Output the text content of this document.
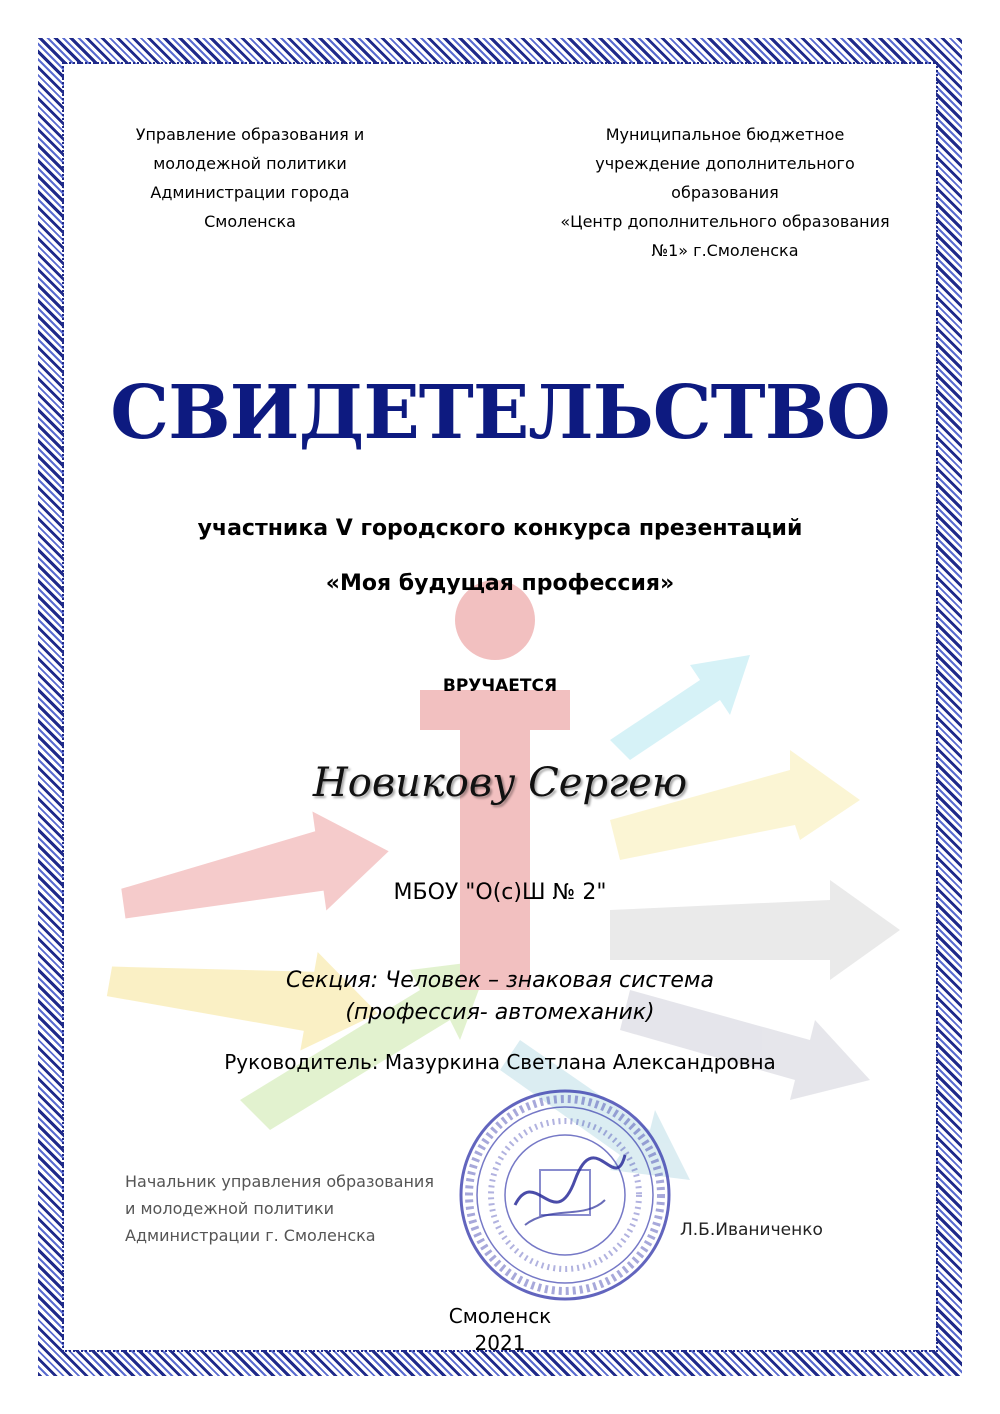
Управление образования и
молодежной политики
Администрации города
Смоленска
Муниципальное бюджетное
учреждение дополнительного
образования
«Центр дополнительного образования
№1» г.Смоленска
СВИДЕТЕЛЬСТВО
участника V городского конкурса презентаций
«Моя будущая профессия»
ВРУЧАЕТСЯ
Новикову Сергею
МБОУ "О(с)Ш № 2"
Секция: Человек – знаковая система
(профессия- автомеханик)
Руководитель: Мазуркина Светлана Александровна
Начальник управления образования
и молодежной политики
Администрации г. Смоленска	Л.Б.Иваниченко
Смоленск
2021
